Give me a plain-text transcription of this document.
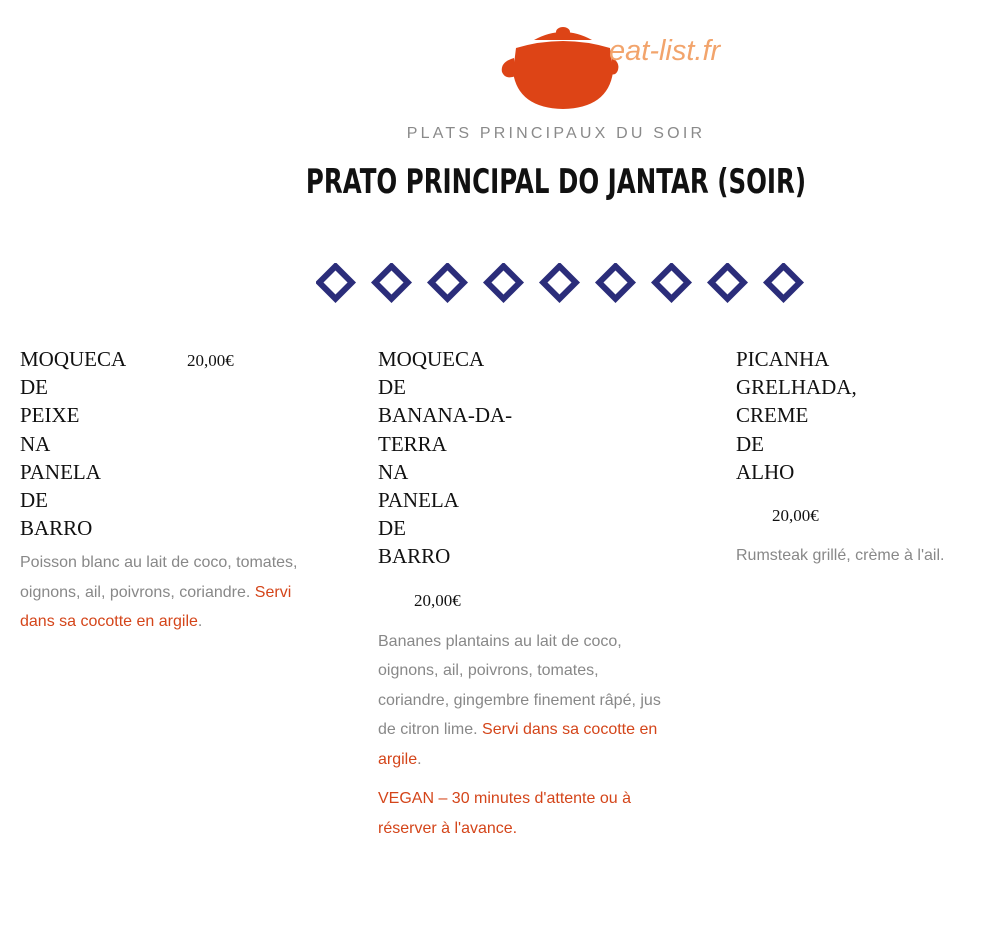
eat-list.fr
PLATS PRINCIPAUX DU SOIR
PRATO PRINCIPAL DO JANTAR (SOIR)
MOQUECA DE PEIXE NA PANELA DE BARRO
20,00€
Poisson blanc au lait de coco, tomates, oignons, ail, poivrons, coriandre. Servi dans sa cocotte en argile.
MOQUECA DE BANANA-DA-TERRA NA PANELA DE BARRO
20,00€
Bananes plantains au lait de coco, oignons, ail, poivrons, tomates, coriandre, gingembre finement râpé, jus de citron lime. Servi dans sa cocotte en argile.
VEGAN – 30 minutes d'attente ou à réserver à l'avance.
PICANHA GRELHADA, CREME DE ALHO
20,00€
Rumsteak grillé, crème à l'ail.
